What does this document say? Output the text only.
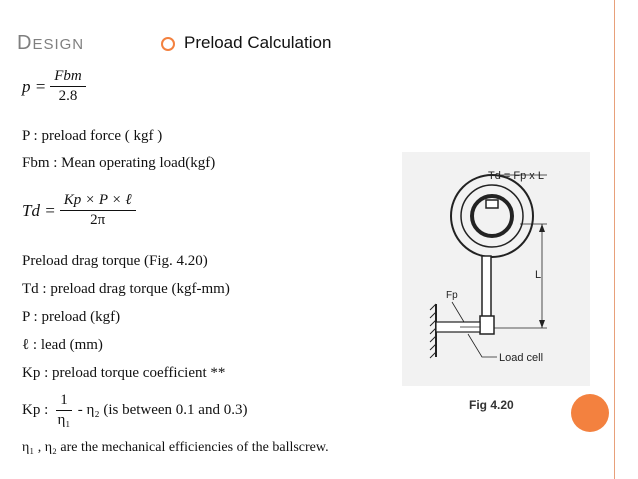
DESIGN	Preload Calculation
$p = \frac{\text{Fbm}}{2.8}$
P : preload force ( kgf )
Fbm : Mean operating load(kgf)
$Td = \frac{\text{Kp × P × ℓ}}{2\pi}$
Preload drag torque (Fig. 4.20)
Td : preload drag torque (kgf-mm)
P : preload (kgf)
ℓ : lead (mm)
Kp : preload torque coefficient **
Kp : $\frac{1}{\text{η₁}} - \eta_2$ (is between 0.1 and 0.3)
η₁ , η₂ are the mechanical efficiencies of the ballscrew.
Td = Fp x L
L
Fp
Load cell
Fig 4.20
